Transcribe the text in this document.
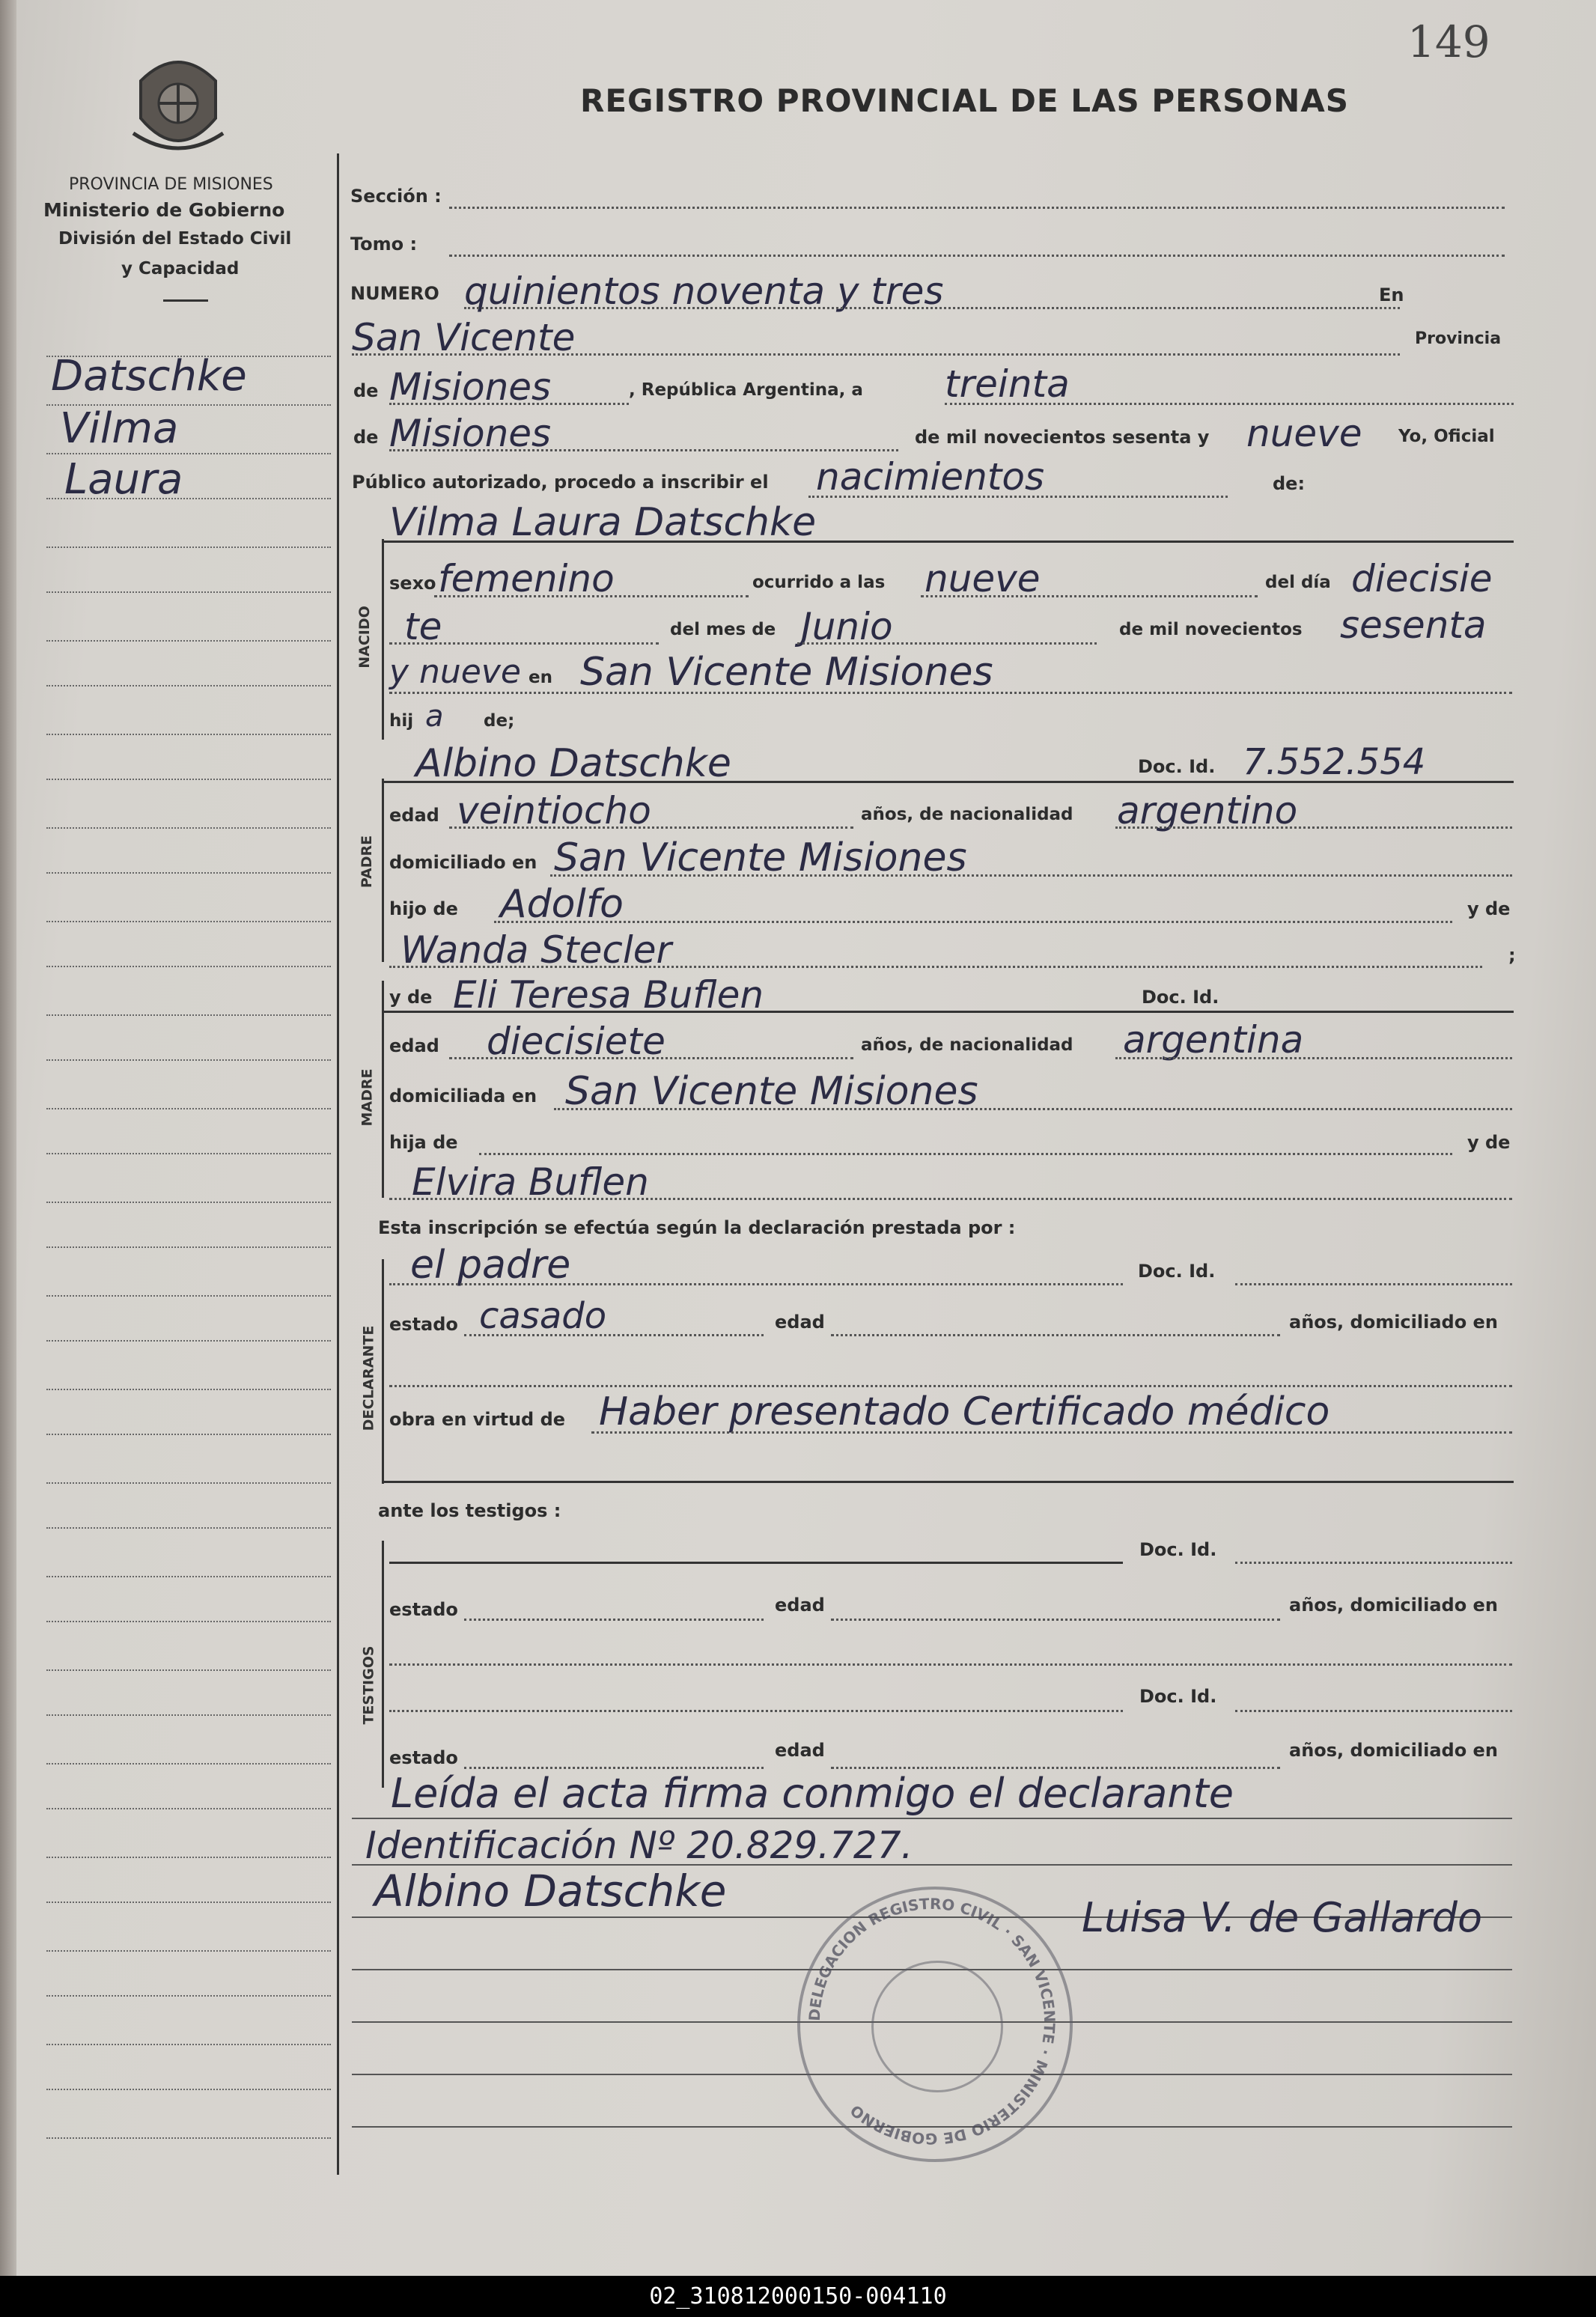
149
PROVINCIA DE MISIONES
Ministerio de Gobierno
División del Estado Civil
y Capacidad
REGISTRO PROVINCIAL DE LAS PERSONAS
Datschke
Vilma
Laura
Sección :
Tomo :
NUMERO quinientos noventa y tres	En
San Vicente	Provincia
de Misiones	, República Argentina, a treinta
de Misiones	de mil novecientos sesenta y nueve Yo, Oficial
Público autorizado, procedo a inscribir el nacimientos	de:
NACIDO
Vilma Laura Datschke
sexo femenino	ocurrido a las nueve	del día diecisie
te	del mes de Junio	de mil novecientos sesenta
y nueve en San Vicente Misiones
hij a de;
PADRE
Albino Datschke	Doc. Id. 7.552.554
edad veintiocho	años, de nacionalidad argentino
domiciliado en San Vicente Misiones
hijo de Adolfo	y de
Wanda Stecler	;
MADRE
y de Eli Teresa Buflen	Doc. Id.
edad diecisiete	años, de nacionalidad argentina
domiciliada en San Vicente Misiones
hija de	y de
Elvira Buflen
Esta inscripción se efectúa según la declaración prestada por :
DECLARANTE
el padre	Doc. Id.
estado casado	edad	años, domiciliado en
obra en virtud de Haber presentado Certificado médico
ante los testigos :
TESTIGOS
Doc. Id.
estado	edad	años, domiciliado en
Doc. Id.
estado	edad	años, domiciliado en
Leída el acta firma conmigo el declarante
Identificación Nº 20.829.727.
Albino Datschke
Luisa V. de Gallardo
DELEGACION REGISTRO CIVIL · SAN VICENTE · MINISTERIO DE GOBIERNO
02_310812000150-004110
